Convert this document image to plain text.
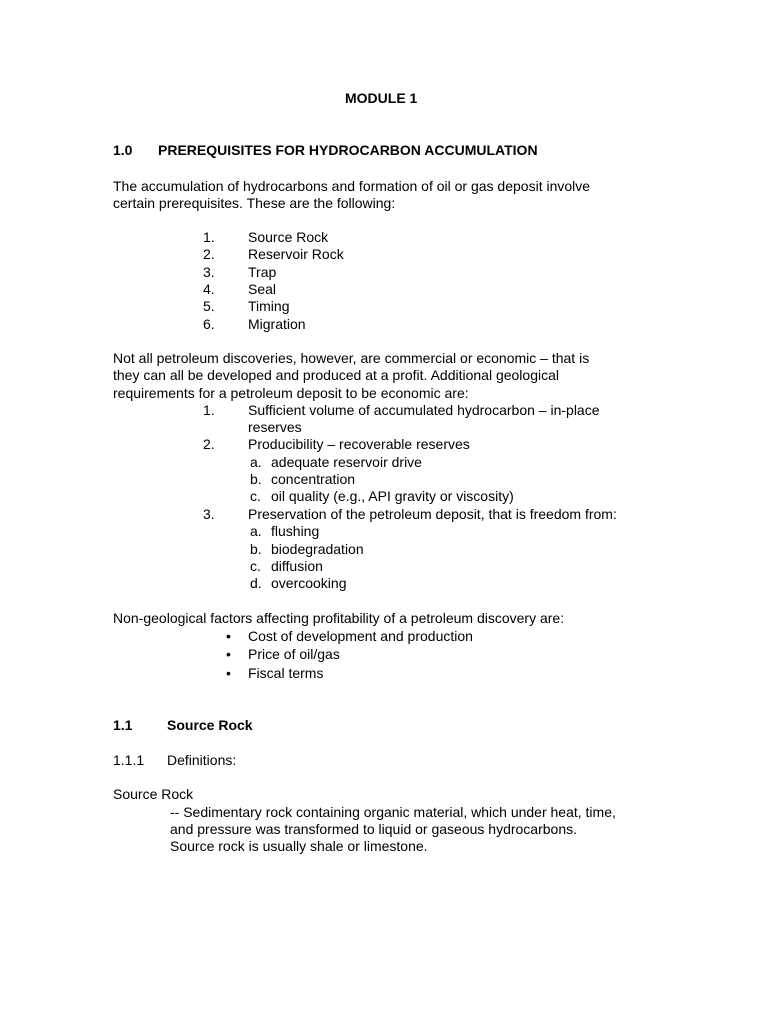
MODULE 1
1.0 PREREQUISITES FOR HYDROCARBON ACCUMULATION
The accumulation of hydrocarbons and formation of oil or gas deposit involve
certain prerequisites. These are the following:
1. Source Rock
2. Reservoir Rock
3. Trap
4. Seal
5. Timing
6. Migration
Not all petroleum discoveries, however, are commercial or economic – that is
they can all be developed and produced at a profit. Additional geological
requirements for a petroleum deposit to be economic are:
1. Sufficient volume of accumulated hydrocarbon – in-place
reserves
2. Producibility – recoverable reserves
a. adequate reservoir drive
b. concentration
c. oil quality (e.g., API gravity or viscosity)
3. Preservation of the petroleum deposit, that is freedom from:
a. flushing
b. biodegradation
c. diffusion
d. overcooking
Non-geological factors affecting profitability of a petroleum discovery are:
• Cost of development and production
• Price of oil/gas
• Fiscal terms
1.1 Source Rock
1.1.1 Definitions:
Source Rock
-- Sedimentary rock containing organic material, which under heat, time,
and pressure was transformed to liquid or gaseous hydrocarbons.
Source rock is usually shale or limestone.
